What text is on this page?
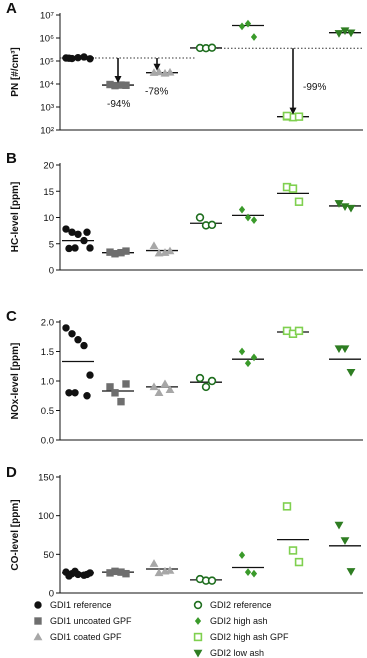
A
PN [#/cm³]
10²
10³
10⁴
10⁵
10⁶
10⁷
-94%
-78%	-99%
B
HC-level [ppm]
0
5
10
15
20
C
NOx-level [ppm]
0.0
0.5
1.0
1.5
2.0
D
CO-level [ppm]
0
50
100
150
GDI1 reference
GDI1 uncoated GPF
GDI1 coated GPF
GDI2 reference
GDI2 high ash
GDI2 high ash GPF
GDI2 low ash
